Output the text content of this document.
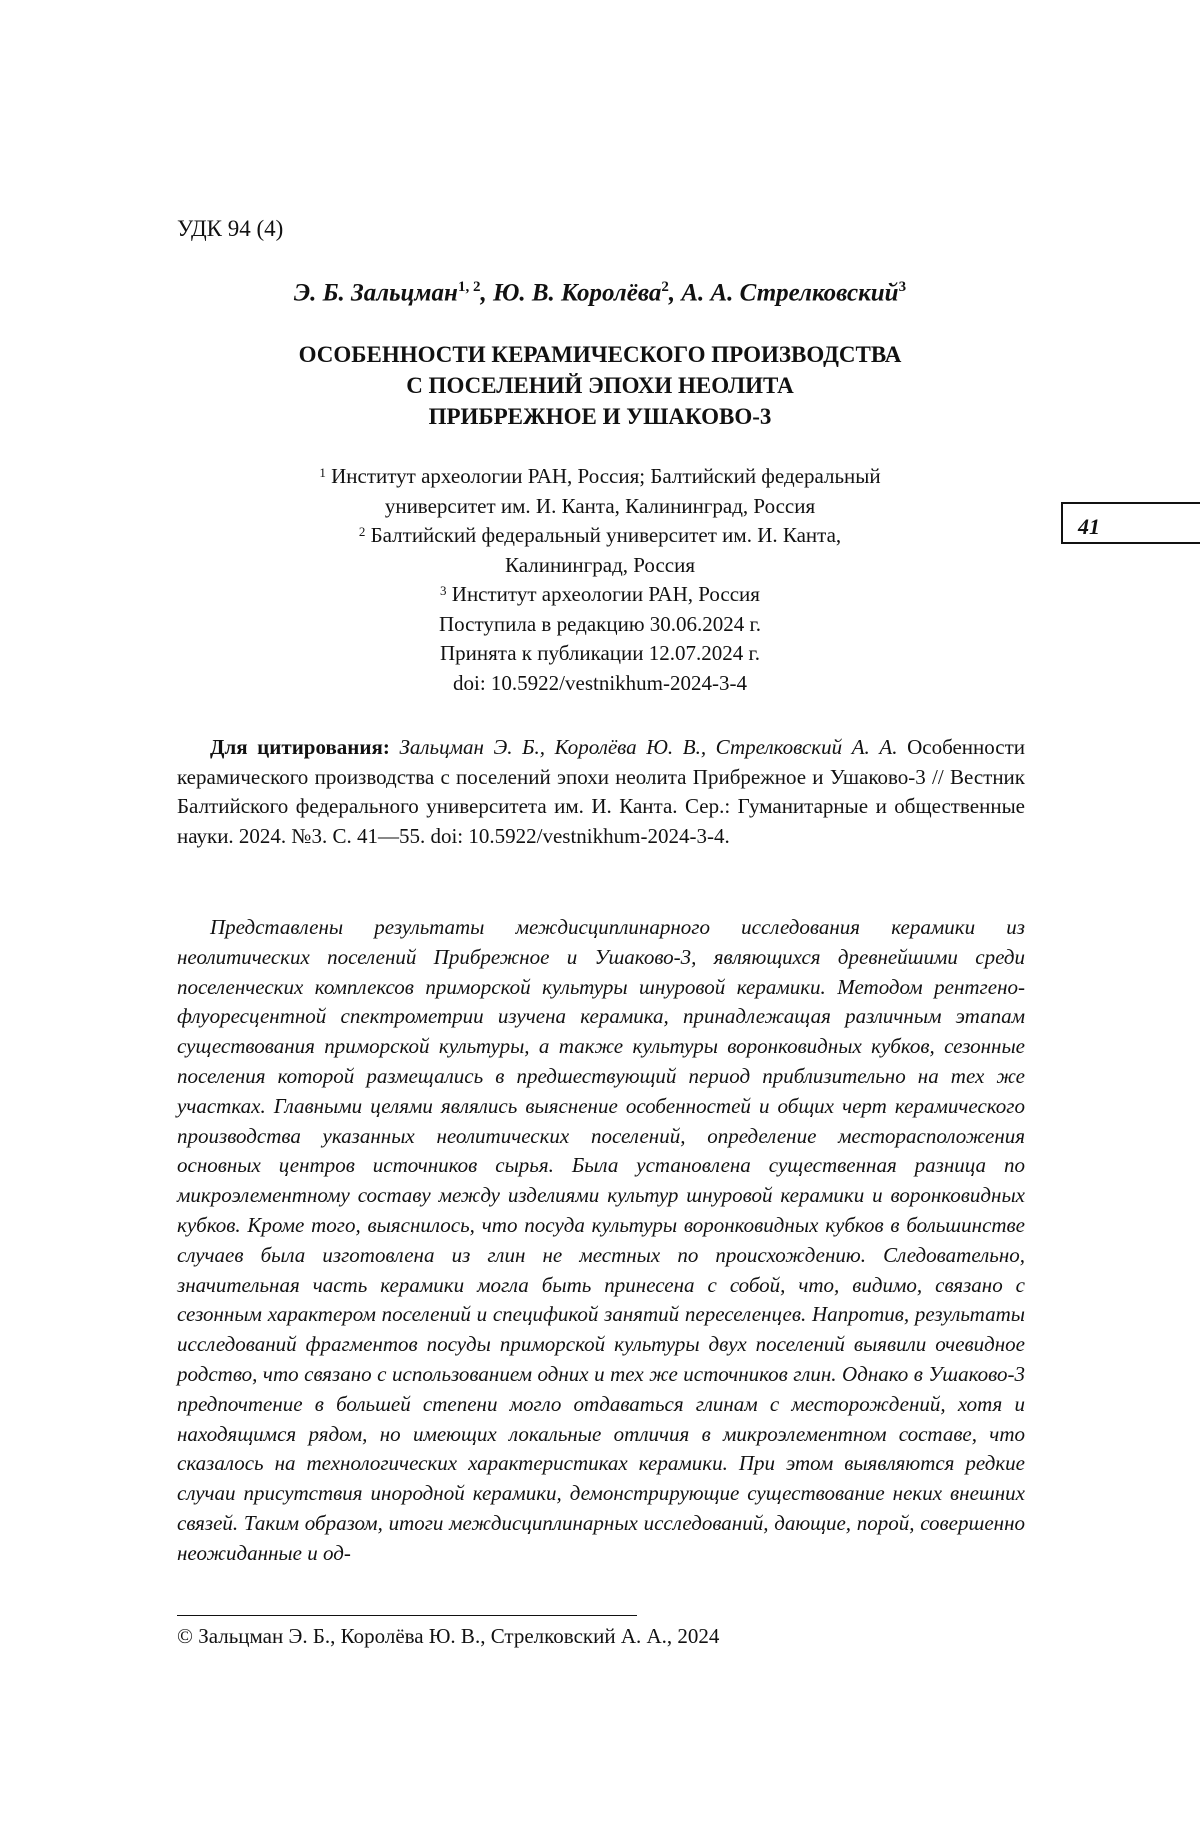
УДК 94 (4)
Э. Б. Зальцман$^{1, 2}$, Ю. В. Королёва$^2$, А. А. Стрелковский$^3$
ОСОБЕННОСТИ КЕРАМИЧЕСКОГО ПРОИЗВОДСТВА
С ПОСЕЛЕНИЙ ЭПОХИ НЕОЛИТА
ПРИБРЕЖНОЕ И УШАКОВО-3
$^1$ Институт археологии РАН, Россия; Балтийский федеральный
университет им. И. Канта, Калининград, Россия
$^2$ Балтийский федеральный университет им. И. Канта,
Калининград, Россия
$^3$ Институт археологии РАН, Россия
Поступила в редакцию 30.06.2024 г.
Принята к публикации 12.07.2024 г.
doi: 10.5922/vestnikhum-2024-3-4
41
Для цитирования: Зальцман Э. Б., Королёва Ю. В., Стрелковский А. А. Особенности керамического производства с поселений эпохи неолита Прибрежное и Ушаково-3 // Вестник Балтийского федерального университета им. И. Канта. Сер.: Гуманитарные и общественные науки. 2024. №3. С. 41—55. doi: 10.5922/vestnikhum-2024-3-4.
Представлены результаты междисциплинарного исследования керамики из неолитических поселений Прибрежное и Ушаково-3, являющихся древнейшими среди поселенческих комплексов приморской культуры шнуровой керамики. Методом рентгено-флуоресцентной спектрометрии изучена керамика, принадлежащая различным этапам существования приморской культуры, а также культуры воронковидных кубков, сезонные поселения которой размещались в предшествующий период приблизительно на тех же участках. Главными целями являлись выяснение особенностей и общих черт керамического производства указанных неолитических поселений, определение месторасположения основных центров источников сырья. Была установлена существенная разница по микроэлементному составу между изделиями культур шнуровой керамики и воронковидных кубков. Кроме того, выяснилось, что посуда культуры воронковидных кубков в большинстве случаев была изготовлена из глин не местных по происхождению. Следовательно, значительная часть керамики могла быть принесена с собой, что, видимо, связано с сезонным характером поселений и спецификой занятий переселенцев. Напротив, результаты исследований фрагментов посуды приморской культуры двух поселений выявили очевидное родство, что связано с использованием одних и тех же источников глин. Однако в Ушаково-3 предпочтение в большей степени могло отдаваться глинам с месторождений, хотя и находящимся рядом, но имеющих локальные отличия в микроэлементном составе, что сказалось на технологических характеристиках керамики. При этом выявляются редкие случаи присутствия инородной керамики, демонстрирующие существование неких внешних связей. Таким образом, итоги междисциплинарных исследований, дающие, порой, совершенно неожиданные и од-
© Зальцман Э. Б., Королёва Ю. В., Стрелковский А. А., 2024
